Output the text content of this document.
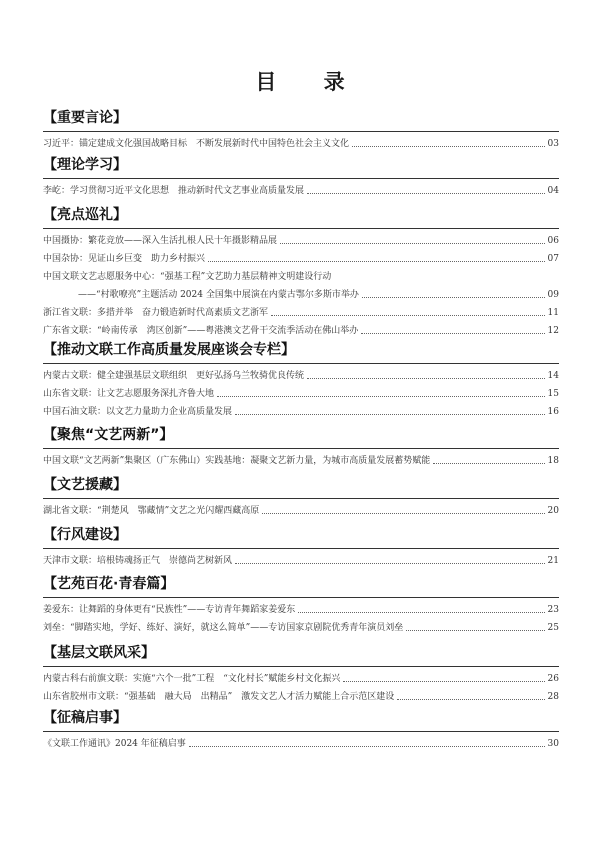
目 录
【重要言论】
习近平：锚定建成文化强国战略目标　不断发展新时代中国特色社会主义文化	03
【理论学习】
李屹：学习贯彻习近平文化思想　推动新时代文艺事业高质量发展	04
【亮点巡礼】
中国摄协：繁花竞放——深入生活扎根人民十年摄影精品展	06
中国杂协：见证山乡巨变　助力乡村振兴	07
中国文联文艺志愿服务中心：“强基工程”文艺助力基层精神文明建设行动
——“村歌嘹亮”主题活动 2024 全国集中展演在内蒙古鄂尔多斯市举办	09
浙江省文联：多措并举　奋力锻造新时代高素质文艺浙军	11
广东省文联：“岭南传承　湾区创新”——粤港澳文艺骨干交流季活动在佛山举办	12
【推动文联工作高质量发展座谈会专栏】
内蒙古文联：健全建强基层文联组织　更好弘扬乌兰牧骑优良传统	14
山东省文联：让文艺志愿服务深扎齐鲁大地	15
中国石油文联：以文艺力量助力企业高质量发展	16
【聚焦“文艺两新”】
中国文联“文艺两新”集聚区（广东佛山）实践基地：凝聚文艺新力量，为城市高质量发展蓄势赋能	18
【文艺援藏】
湖北省文联：“荆楚风　鄂藏情”文艺之光闪耀西藏高原	20
【行风建设】
天津市文联：培根铸魂扬正气　崇德尚艺树新风	21
【艺苑百花·青春篇】
姜爱东：让舞蹈的身体更有“民族性”——专访青年舞蹈家姜爱东	23
刘垒：“脚踏实地，学好、练好、演好，就这么简单”——专访国家京剧院优秀青年演员刘垒	25
【基层文联风采】
内蒙古科右前旗文联：实施“六个一批”工程　“文化村长”赋能乡村文化振兴	26
山东省胶州市文联：“强基础　融大局　出精品”　激发文艺人才活力赋能上合示范区建设	28
【征稿启事】
《文联工作通讯》2024 年征稿启事	30
